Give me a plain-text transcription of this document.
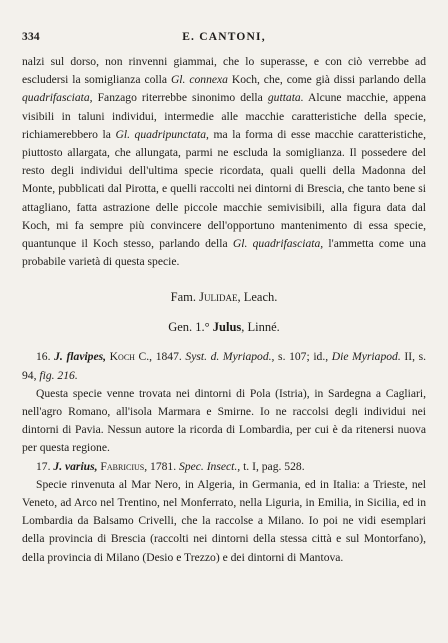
334	E. CANTONI,

nalzi sul dorso, non rinvenni giammai, che lo superasse, e con ciò verrebbe ad escludersi la somiglianza colla Gl. connexa Koch, che, come già dissi parlando della quadrifasciata, Fanzago riterrebbe sinonimo della guttata. Alcune macchie, appena visibili in taluni individui, intermedie alle macchie caratteristiche della specie, richiamerebbero la Gl. quadripunctata, ma la forma di esse macchie caratteristiche, piuttosto allargata, che allungata, parmi ne escluda la somiglianza. Il possedere del resto degli individui dell'ultima specie ricordata, quali quelli della Madonna del Monte, pubblicati dal Pirotta, e quelli raccolti nei dintorni di Brescia, che tanto bene si attagliano, fatta astrazione delle piccole macchie semivisibili, alla figura data dal Koch, mi fa sempre più convincere dell'opportuno mantenimento di essa specie, quantunque il Koch stesso, parlando della Gl. quadrifasciata, l'ammetta come una probabile varietà di questa specie.

Fam. Julidae, Leach.
Gen. 1.° Julus, Linné.

16. J. flavipes, Koch C., 1847. Syst. d. Myriapod., s. 107; id., Die Myriapod. II, s. 94, fig. 216.

Questa specie venne trovata nei dintorni di Pola (Istria), in Sardegna a Cagliari, nell'agro Romano, all'isola Marmara e Smirne. Io ne raccolsi degli individui nei dintorni di Pavia. Nessun autore la ricorda di Lombardia, per cui è da ritenersi nuova per questa regione.

17. J. varius, Fabricius, 1781. Spec. Insect., t. I, pag. 528.

Specie rinvenuta al Mar Nero, in Algeria, in Germania, ed in Italia: a Trieste, nel Veneto, ad Arco nel Trentino, nel Monferrato, nella Liguria, in Emilia, in Sicilia, ed in Lombardia da Balsamo Crivelli, che la raccolse a Milano. Io poi ne vidi esemplari della provincia di Brescia (raccolti nei dintorni della stessa città e sul Montorfano), della provincia di Milano (Desio e Trezzo) e dei dintorni di Mantova.
